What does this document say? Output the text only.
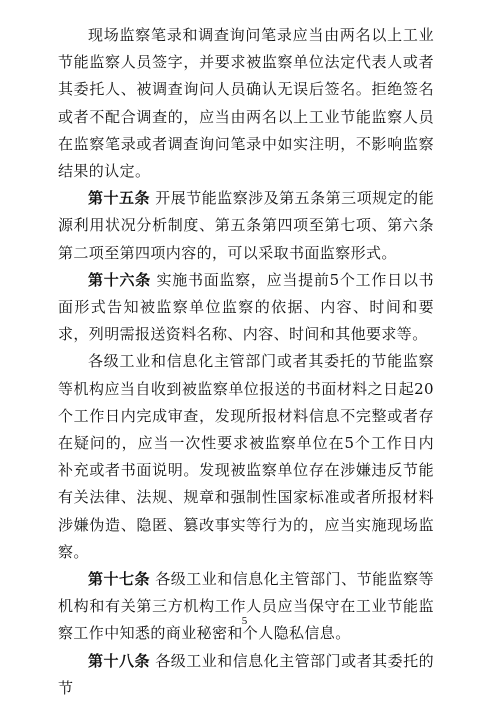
现场监察笔录和调查询问笔录应当由两名以上工业节能监察人员签字，并要求被监察单位法定代表人或者其委托人、被调查询问人员确认无误后签名。拒绝签名或者不配合调查的，应当由两名以上工业节能监察人员在监察笔录或者调查询问笔录中如实注明，不影响监察结果的认定。

第十五条 开展节能监察涉及第五条第三项规定的能源利用状况分析制度、第五条第四项至第七项、第六条第二项至第四项内容的，可以采取书面监察形式。

第十六条 实施书面监察，应当提前5个工作日以书面形式告知被监察单位监察的依据、内容、时间和要求，列明需报送资料名称、内容、时间和其他要求等。

各级工业和信息化主管部门或者其委托的节能监察等机构应当自收到被监察单位报送的书面材料之日起20个工作日内完成审查，发现所报材料信息不完整或者存在疑问的，应当一次性要求被监察单位在5个工作日内补充或者书面说明。发现被监察单位存在涉嫌违反节能有关法律、法规、规章和强制性国家标准或者所报材料涉嫌伪造、隐匿、篡改事实等行为的，应当实施现场监察。

第十七条 各级工业和信息化主管部门、节能监察等机构和有关第三方机构工作人员应当保守在工业节能监察工作中知悉的商业秘密和个人隐私信息。

第十八条 各级工业和信息化主管部门或者其委托的节

5
